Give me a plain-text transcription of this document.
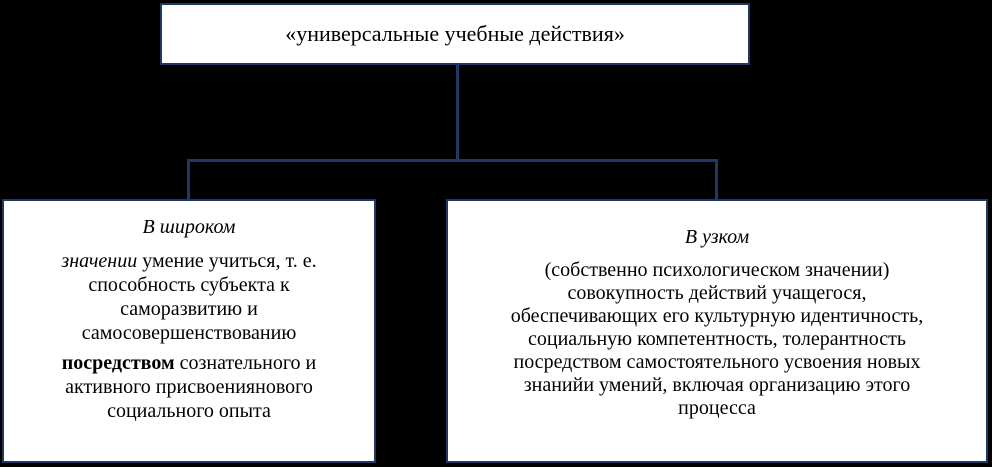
«универсальные учебные действия»

В широком

значении умение учиться, т. е.

способность субъекта к

саморазвитию и

самосовершенствованию

посредством сознательного и

активного присвоениянового

социального опыта

В узком

(собственно психологическом значении)

совокупность действий учащегося,

обеспечивающих его культурную идентичность,

социальную компетентность, толерантность

посредством самостоятельного усвоения новых

знанийи умений, включая организацию этого

процесса
